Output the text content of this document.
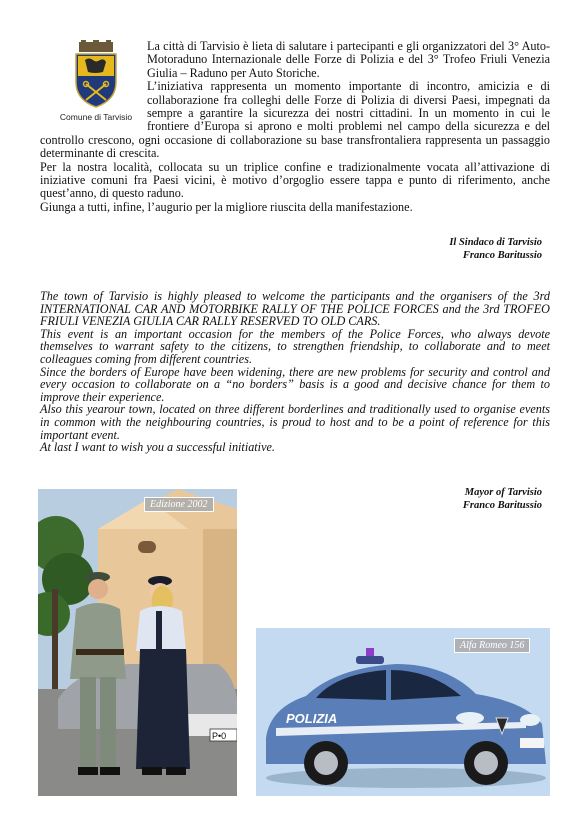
Comune di Tarvisio

La città di Tarvisio è lieta di salutare i partecipanti e gli organizzatori del 3° Auto-Motoraduno Internazionale delle Forze di Polizia e del 3° Trofeo Friuli Venezia Giulia – Raduno per Auto Storiche.

L’iniziativa rappresenta un momento importante di incontro, amicizia e di collaborazione fra colleghi delle Forze di Polizia di diversi Paesi, impegnati da sempre a garantire la sicurezza dei nostri cittadini. In un momento in cui le frontiere d’Europa si aprono e molti problemi nel campo della sicurezza e del controllo crescono, ogni occasione di collaborazione su base transfrontaliera rappresenta un passaggio determinante di crescita.

Per la nostra località, collocata su un triplice confine e tradizionalmente vocata all’attivazione di iniziative comuni fra Paesi vicini, è motivo d’orgoglio essere tappa e punto di riferimento, anche quest’anno, di questo raduno.

Giunga a tutti, infine, l’augurio per la migliore riuscita della manifestazione.

Il Sindaco di Tarvisio
Franco Baritussio

The town of Tarvisio is highly pleased to welcome the participants and the organisers of the 3rd INTERNATIONAL CAR AND MOTORBIKE RALLY OF THE POLICE FORCES and the 3rd TROFEO FRIULI VENEZIA GIULIA CAR RALLY RESERVED TO OLD CARS.

This event is an important occasion for the members of the Police Forces, who always devote themselves to warrant safety to the citizens, to strengthen friendship, to collaborate and to meet colleagues coming from different countries.

Since the borders of Europe have been widening, there are new problems for security and control and every occasion to collaborate on a “no borders” basis is a good and decisive chance for them to improve their experience.

Also this yearour town, located on three different borderlines and traditionally used to organise events in common with the neighbouring countries, is proud to host and to be a point of reference for this important event.

At last I want to wish you a successful initiative.

Mayor of Tarvisio
Franco Baritussio
P•0
Edizione 2002
POLIZIA
Alfa Romeo 156
